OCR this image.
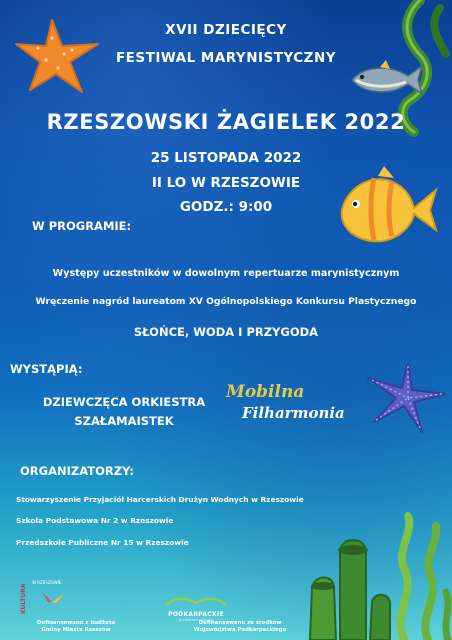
XVII DZIECIĘCY
FESTIWAL MARYNISTYCZNY
RZESZOWSKI ŻAGIELEK 2022
25 LISTOPADA 2022
II LO W RZESZOWIE
GODZ.: 9:00
W PROGRAMIE:
Występy uczestników w dowolnym repertuarze marynistycznym
Wręczenie nagród laureatom XV Ogólnopolskiego Konkursu Plastycznego
SŁOŃCE, WODA I PRZYGODA
WYSTĄPIĄ:
DZIEWCZĘCA ORKIESTRA
SZAŁAMAISTEK
Mobilna
Filharmonia
ORGANIZATORZY:
Stowarzyszenie Przyjaciół Harcerskich Drużyn Wodnych w Rzeszowie
Szkoła Podstawowa Nr 2 w Rzeszowie
Przedszkole Publiczne Nr 15 w Rzeszowie
KULTURA
W RZESZOWIE
Dofinansowano z budżetu
Gminy Miasta Rzeszów
PODKARPACKIE
przestrzeń otwarta
Dofinansowano ze środków
Województwa Podkarpackiego
